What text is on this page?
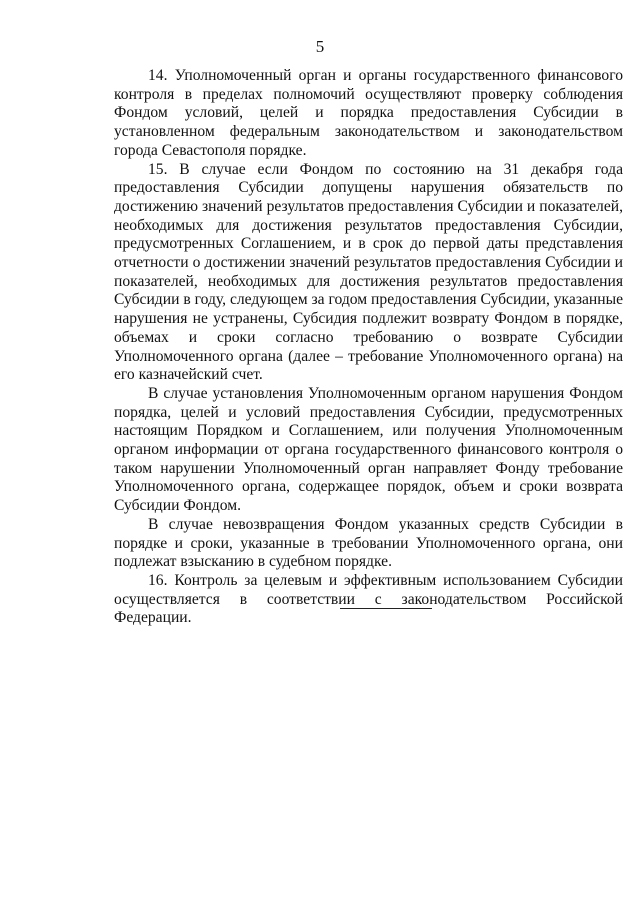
5

14. Уполномоченный орган и органы государственного финансового контроля в пределах полномочий осуществляют проверку соблюдения Фондом условий, целей и порядка предоставления Субсидии в установленном федеральным законодательством и законодательством города Севастополя порядке.

15. В случае если Фондом по состоянию на 31 декабря года предоставления Субсидии допущены нарушения обязательств по достижению значений результатов предоставления Субсидии и показателей, необходимых для достижения результатов предоставления Субсидии, предусмотренных Соглашением, и в срок до первой даты представления отчетности о достижении значений результатов предоставления Субсидии и показателей, необходимых для достижения результатов предоставления Субсидии в году, следующем за годом предоставления Субсидии, указанные нарушения не устранены, Субсидия подлежит возврату Фондом в порядке, объемах и сроки согласно требованию о возврате Субсидии Уполномоченного органа (далее – требование Уполномоченного органа) на его казначейский счет.

В случае установления Уполномоченным органом нарушения Фондом порядка, целей и условий предоставления Субсидии, предусмотренных настоящим Порядком и Соглашением, или получения Уполномоченным органом информации от органа государственного финансового контроля о таком нарушении Уполномоченный орган направляет Фонду требование Уполномоченного органа, содержащее порядок, объем и сроки возврата Субсидии Фондом.

В случае невозвращения Фондом указанных средств Субсидии в порядке и сроки, указанные в требовании Уполномоченного органа, они подлежат взысканию в судебном порядке.

16. Контроль за целевым и эффективным использованием Субсидии осуществляется в соответствии с законодательством Российской Федерации.
